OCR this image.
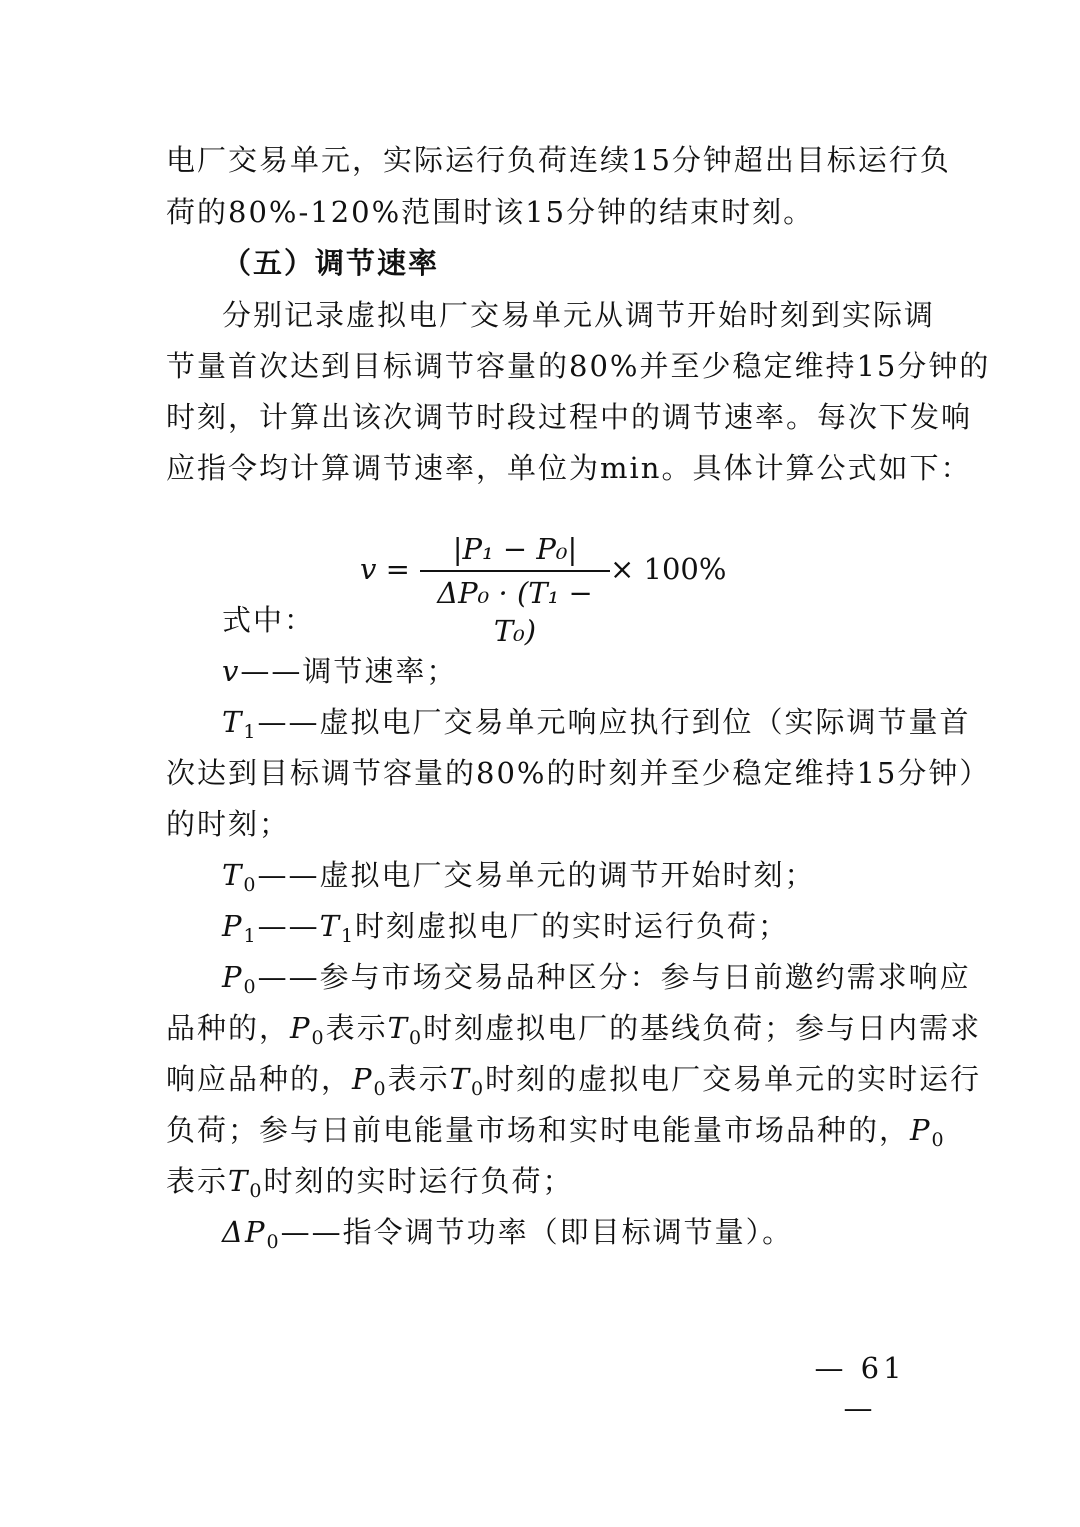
电厂交易单元，实际运行负荷连续15分钟超出目标运行负
荷的80%-120%范围时该15分钟的结束时刻。
（五）调节速率
分别记录虚拟电厂交易单元从调节开始时刻到实际调
节量首次达到目标调节容量的80%并至少稳定维持15分钟的
时刻，计算出该次调节时段过程中的调节速率。每次下发响
应指令均计算调节速率，单位为min。具体计算公式如下：
v =
|P₁ − P₀|
ΔP₀ · (T₁ − T₀)
× 100%
式中：
v——调节速率；
$T_1——$虚拟电厂交易单元响应执行到位（实际调节量首
次达到目标调节容量的80%的时刻并至少稳定维持15分钟）
的时刻；
$T_0——$虚拟电厂交易单元的调节开始时刻；
$P_1——T_1$时刻虚拟电厂的实时运行负荷；
$P_0——$参与市场交易品种区分：参与日前邀约需求响应
品种的，$P_0$表示$T_0$时刻虚拟电厂的基线负荷；参与日内需求
响应品种的，$P_0$表示$T_0$时刻的虚拟电厂交易单元的实时运行
负荷；参与日前电能量市场和实时电能量市场品种的，$P_0$
表示$T_0$时刻的实时运行负荷；
$\Delta P_0——$指令调节功率（即目标调节量）。
— 61 —
